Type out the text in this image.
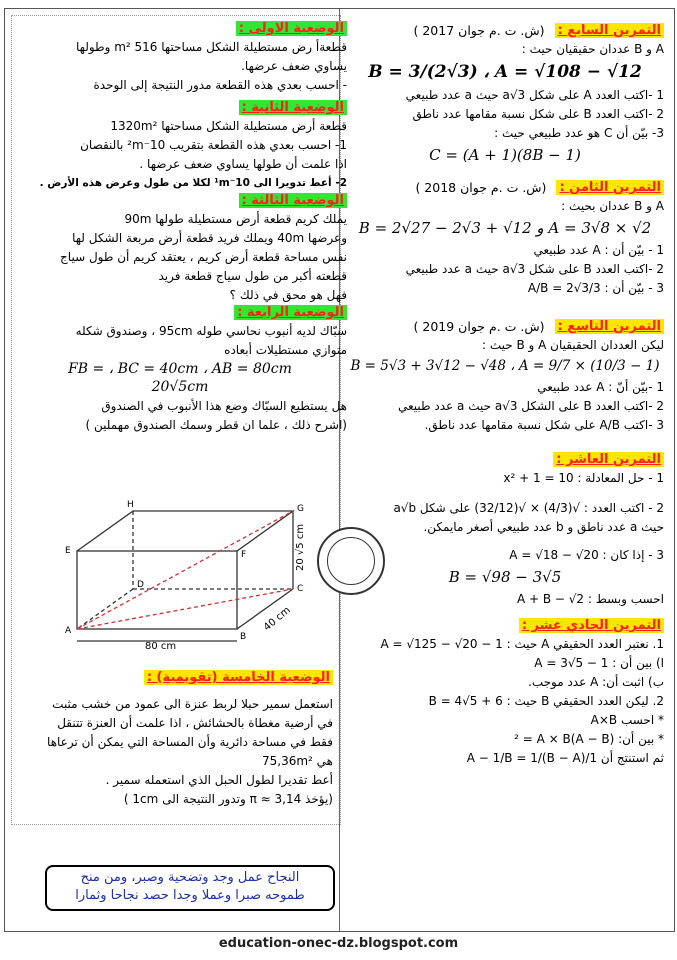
التمرين السابع :
(ش. ت .م جوان 2017 )
A و B عددان حقيقيان حيث :
B = 3/(2√3) ، A = √108 − √12
1 -اكتب العدد A على شكل a√3 حيث a عدد طبيعي
2 -اكتب العدد B على شكل نسبة مقامها عدد ناطق
3- بيّن أن C هو عدد طبيعي حيث :
C = (A + 1)(8B − 1)
التمرين الثامن :
(ش. ت .م جوان 2018 )
A و B عددان بحيث :
B = 2√27 − 2√3 + √12 و A = 3√8 × √2
1 - بيّن أن : A عدد طبيعي
2 -اكتب العدد B على شكل a√3 حيث a عدد طبيعي
3 - بيّن أن : A/B = 2√3/3
التمرين التاسع :
(ش. ت .م جوان 2019 )
ليكن العددان الحقيقيان A و B حيث :
B = 5√3 + 3√12 − √48 ، A = 9/7 × (10/3 − 1)
1 -بيّن أنّ : A عدد طبيعي
2 -اكتب العدد B على الشكل a√3 حيث a عدد طبيعي
3 -اكتب A/B على شكل نسبة مقامها عدد ناطق.
التمرين العاشر :
1 - حل المعادلة : x² + 1 = 10
2 - اكتب العدد : √(4/3) × √(32/12) على شكل a√b
حيث a عدد ناطق و b عدد طبيعي أصغر مايمكن.
3 - إذا كان : A = √18 − √20
B = √98 − 3√5
احسب وبسط : A + B − √2
التمرين الحادي عشر :
1. نعتبر العدد الحقيقي A حيث : A = √125 − √20 − 1
ا) بين أن : A = 3√5 − 1
ب) اثبت أن: A عدد موجب.
2. ليكن العدد الحقيقي B حيث : B = 4√5 + 6
* احسب A×B
* بين أن: (A − B)² = A × B
ثم استنتج أن 1/A − 1/B = 1/(B − A)
الوضعية الاولى :
قطعةأ رض مستطيلة الشكل مساحتها 516 m² وطولها
يساوي ضعف عرضها.
- احسب بعدي هذه القطعة مدور النتيجة إلى الوحدة
الوضعية الثانية :
قطعة أرض مستطيلة الشكل مساحتها 1320m²
1- احسب بعدي هذه القطعة بتقريب 10⁻²m بالنقصان
اذا علمت أن طولها يساوي ضعف عرضها .
2- أعط تدويرا الى 10⁻¹m لكلا من طول وعرض هذه الأرض .
الوضعية الثالثة :
يملك كريم قطعة أرض مستطيلة طولها 90m
وعرضها 40m ويملك فريد قطعة أرض مربعة الشكل لها
نفس مساحة قطعة أرض كريم ، يعتقد كريم أن طول سياج
قطعته أكبر من طول سياج قطعة فريد
فهل هو محق في ذلك ؟
الوضعية الرابعة :
سبّاك لديه أنبوب نحاسي طوله 95cm ، وصندوق شكله
متوازي مستطيلات أبعاده
FB = ، BC = 40cm ، AB = 80cm
20√5cm
هل يستطيع السبّاك وضع هذا الأنبوب في الصندوق
(اشرح ذلك ، علما ان قطر وسمك الصندوق مهملين )
E
A
B
C
D
F
G
H
80 cm
40 cm
20 √5 cm
الوضعية الخامسة (تقويمية) :
استعمل سمير حبلا لربط عنزة الى عمود من خشب مثبت
في أرضية مغطاة بالحشائش ، اذا علمت أن العنزة تتنقل
فقط في مساحة دائرية وأن المساحة التي يمكن أن ترعاها
هي 75,36m²
أعط تقديرا لطول الحبل الذي استعمله سمير .
(يؤخذ π ≈ 3,14 وتدور النتيجة الى 1cm )
النجاح عمل وجد وتضحية وصبر، ومن منح
طموحه صبرا وعملا وجدا حصد نجاحا وثمارا
education-onec-dz.blogspot.com
